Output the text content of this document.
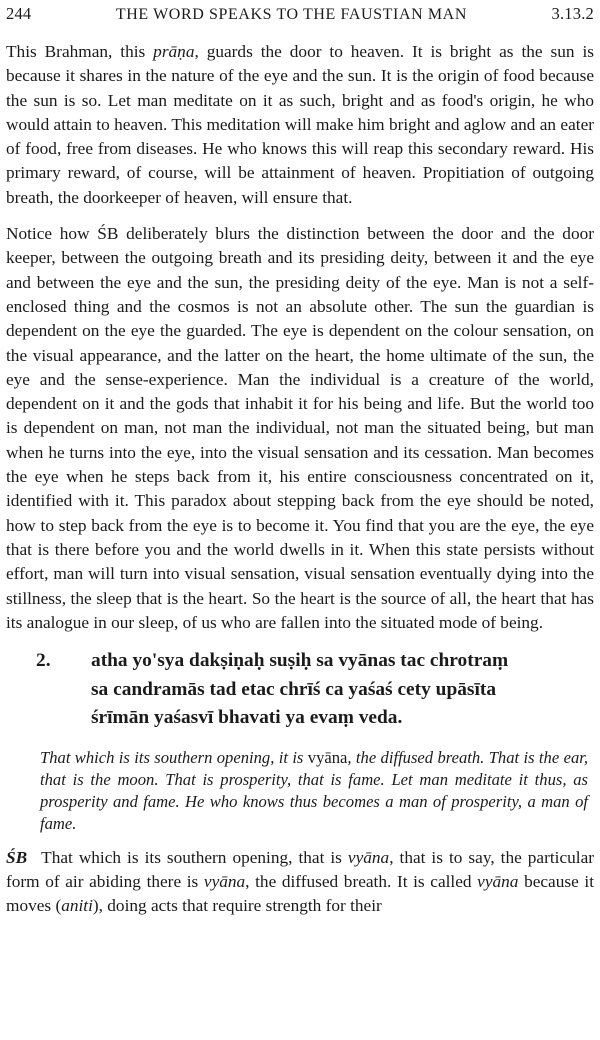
244	THE WORD SPEAKS TO THE FAUSTIAN MAN	3.13.2

This Brahman, this prāṇa, guards the door to heaven. It is bright as the sun is because it shares in the nature of the eye and the sun. It is the origin of food because the sun is so. Let man meditate on it as such, bright and as food's origin, he who would attain to heaven. This meditation will make him bright and aglow and an eater of food, free from diseases. He who knows this will reap this secondary reward. His primary reward, of course, will be attainment of heaven. Propitiation of outgoing breath, the doorkeeper of heaven, will ensure that.

Notice how ŚB deliberately blurs the distinction between the door and the door keeper, between the outgoing breath and its presiding deity, between it and the eye and between the eye and the sun, the presiding deity of the eye. Man is not a self-enclosed thing and the cosmos is not an absolute other. The sun the guardian is dependent on the eye the guarded. The eye is dependent on the colour sensation, on the visual appearance, and the latter on the heart, the home ultimate of the sun, the eye and the sense-experience. Man the individual is a creature of the world, dependent on it and the gods that inhabit it for his being and life. But the world too is dependent on man, not man the individual, not man the situated being, but man when he turns into the eye, into the visual sensation and its cessation. Man becomes the eye when he steps back from it, his entire consciousness concentrated on it, identified with it. This paradox about stepping back from the eye should be noted, how to step back from the eye is to become it. You find that you are the eye, the eye that is there before you and the world dwells in it. When this state persists without effort, man will turn into visual sensation, visual sensation eventually dying into the stillness, the sleep that is the heart. So the heart is the source of all, the heart that has its analogue in our sleep, of us who are fallen into the situated mode of being.

2.	atha yo'sya dakṣiṇaḥ suṣiḥ sa vyānas tac chrotraṃ
sa candramās tad etac chrīś ca yaśaś cety upāsīta
śrīmān yaśasvī bhavati ya evaṃ veda.

That which is its southern opening, it is vyāna, the diffused breath. That is the ear, that is the moon. That is prosperity, that is fame. Let man meditate it thus, as prosperity and fame. He who knows thus becomes a man of prosperity, a man of fame.

ŚB That which is its southern opening, that is vyāna, that is to say, the particular form of air abiding there is vyāna, the diffused breath. It is called vyāna because it moves (aniti), doing acts that require strength for their
